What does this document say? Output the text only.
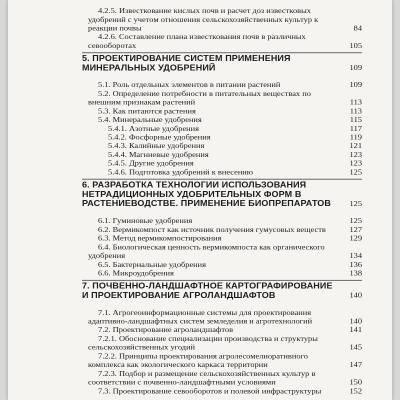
4.2.5. Известкование кислых почв и расчет доз известковых удобрений с учетом отношения сельскохозяйственных культур к реакции почвы	84
4.2.6. Составление плана известкования почв в различных севооборотах	105
5. ПРОЕКТИРОВАНИЕ СИСТЕМ ПРИМЕНЕНИЯ МИНЕРАЛЬНЫХ УДОБРЕНИЙ	109
5.1. Роль отдельных элементов в питании растений	109
5.2. Определение потребности в питательных веществах по внешним признакам растений	113
5.3. Как питаются растения	113
5.4. Минеральные удобрения	115
5.4.1. Азотные удобрения	117
5.4.2. Фосфорные удобрения	119
5.4.3. Калийные удобрения	121
5.4.4. Магниевые удобрения	123
5.4.5. Другие удобрения	123
5.4.6. Подготовка удобрений к внесению	125
6. РАЗРАБОТКА ТЕХНОЛОГИИ ИСПОЛЬЗОВАНИЯ НЕТРАДИЦИОННЫХ УДОБРИТЕЛЬНЫХ ФОРМ В РАСТЕНИЕВОДСТВЕ. ПРИМЕНЕНИЕ БИОПРЕПАРАТОВ	125
6.1. Гуминовые удобрения	125
6.2. Вермикомпост как источник получения гумусовых веществ	127
6.3. Метод вермикомпостирования	129
6.4. Биологическая ценность вермикомпоста как органического удобрения	134
6.5. Бактериальные удобрения	136
6.6. Микроудобрения	138
7. ПОЧВЕННО-ЛАНДШАФТНОЕ КАРТОГРАФИРОВАНИЕ И ПРОЕКТИРОВАНИЕ АГРОЛАНДШАФТОВ	140
7.1. Агрогеоинформационные системы для проектирования адаптивно-ландшафтных систем земледелия и агротехнологий	140
7.2. Проектирование агроландшафтов	141
7.2.1. Обоснование специализации производства и структуры сельскохозяйственных угодий	145
7.2.2. Принципы проектирования агролесомелиоративного комплекса как экологического каркаса территории	147
7.2.3. Подбор и размещение сельскохозяйственных культур в соответствии с почвенно-ландшафтными условиями	150
7.3. Проектирование севооборотов и полевой инфраструктуры	152
